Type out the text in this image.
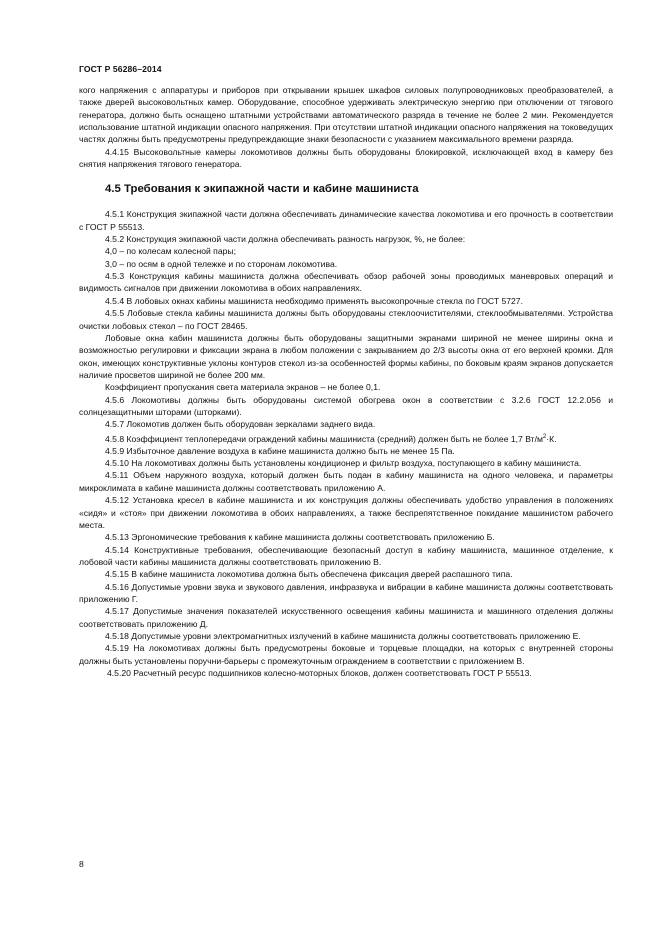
ГОСТ Р 56286–2014

кого напряжения с аппаратуры и приборов при открывании крышек шкафов силовых полупроводниковых преобразователей, а также дверей высоковольтных камер. Оборудование, способное удерживать электрическую энергию при отключении от тягового генератора, должно быть оснащено штатными устройствами автоматического разряда в течение не более 2 мин. Рекомендуется использование штатной индикации опасного напряжения. При отсутствии штатной индикации опасного напряжения на токоведущих частях должны быть предусмотрены предупреждающие знаки безопасности с указанием максимального времени разряда.

4.4.15 Высоковольтные камеры локомотивов должны быть оборудованы блокировкой, исключающей вход в камеру без снятия напряжения тягового генератора.

4.5 Требования к экипажной части и кабине машиниста

4.5.1 Конструкция экипажной части должна обеспечивать динамические качества локомотива и его прочность в соответствии с ГОСТ Р 55513.

4.5.2 Конструкция экипажной части должна обеспечивать разность нагрузок, %, не более:

4,0 – по колесам колесной пары;

3,0 – по осям в одной тележке и по сторонам локомотива.

4.5.3 Конструкция кабины машиниста должна обеспечивать обзор рабочей зоны проводимых маневровых операций и видимость сигналов при движении локомотива в обоих направлениях.

4.5.4 В лобовых окнах кабины машиниста необходимо применять высокопрочные стекла по ГОСТ 5727.

4.5.5 Лобовые стекла кабины машиниста должны быть оборудованы стеклоочистителями, стеклообмывателями. Устройства очистки лобовых стекол – по ГОСТ 28465.

Лобовые окна кабин машиниста должны быть оборудованы защитными экранами шириной не менее ширины окна и возможностью регулировки и фиксации экрана в любом положении с закрыванием до 2/3 высоты окна от его верхней кромки. Для окон, имеющих конструктивные уклоны контуров стекол из-за особенностей формы кабины, по боковым краям экранов допускается наличие просветов шириной не более 200 мм.

Коэффициент пропускания света материала экранов – не более 0,1.

4.5.6 Локомотивы должны быть оборудованы системой обогрева окон в соответствии с 3.2.6 ГОСТ 12.2.056 и солнцезащитными шторами (шторками).

4.5.7 Локомотив должен быть оборудован зеркалами заднего вида.

4.5.8 Коэффициент теплопередачи ограждений кабины машиниста (средний) должен быть не более 1,7 $Вт/м^2\cdot К$.

4.5.9 Избыточное давление воздуха в кабине машиниста должно быть не менее 15 Па.

4.5.10 На локомотивах должны быть установлены кондиционер и фильтр воздуха, поступающего в кабину машиниста.

4.5.11 Объем наружного воздуха, который должен быть подан в кабину машиниста на одного человека, и параметры микроклимата в кабине машиниста должны соответствовать приложению А.

4.5.12 Установка кресел в кабине машиниста и их конструкция должны обеспечивать удобство управления в положениях «сидя» и «стоя» при движении локомотива в обоих направлениях, а также беспрепятственное покидание машинистом рабочего места.

4.5.13 Эргономические требования к кабине машиниста должны соответствовать приложению Б.

4.5.14 Конструктивные требования, обеспечивающие безопасный доступ в кабину машиниста, машинное отделение, к лобовой части кабины машиниста должны соответствовать приложению В.

4.5.15 В кабине машиниста локомотива должна быть обеспечена фиксация дверей распашного типа.

4.5.16 Допустимые уровни звука и звукового давления, инфразвука и вибрации в кабине машиниста должны соответствовать приложению Г.

4.5.17 Допустимые значения показателей искусственного освещения кабины машиниста и машинного отделения должны соответствовать приложению Д.

4.5.18 Допустимые уровни электромагнитных излучений в кабине машиниста должны соответствовать приложению Е.

4.5.19 На локомотивах должны быть предусмотрены боковые и торцевые площадки, на которых с внутренней стороны должны быть установлены поручни-барьеры с промежуточным ограждением в соответствии с приложением В.

4.5.20 Расчетный ресурс подшипников колесно-моторных блоков, должен соответствовать ГОСТ Р 55513.

8
